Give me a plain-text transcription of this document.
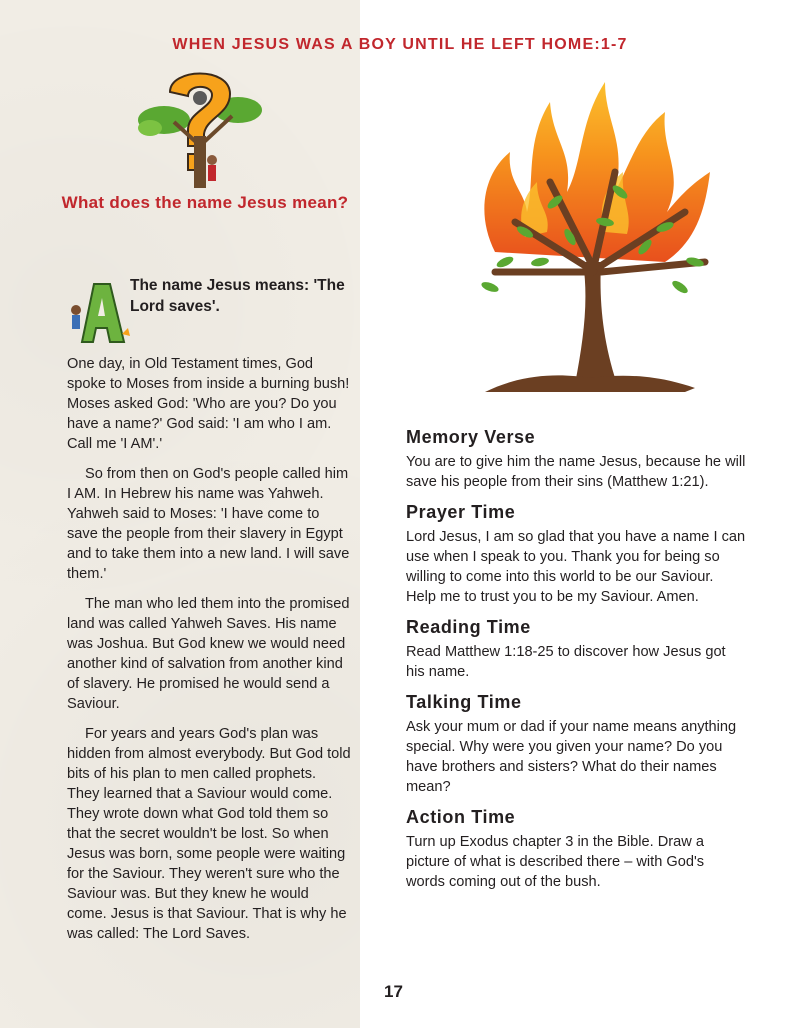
WHEN JESUS WAS A BOY UNTIL HE LEFT HOME:1-7
What does the name Jesus mean?
The name Jesus means: 'The Lord saves'.

One day, in Old Testament times, God spoke to Moses from inside a burning bush! Moses asked God: 'Who are you? Do you have a name?' God said: 'I am who I am. Call me 'I AM'.'

So from then on God's people called him I AM. In Hebrew his name was Yahweh. Yahweh said to Moses: 'I have come to save the people from their slavery in Egypt and to take them into a new land. I will save them.'

The man who led them into the promised land was called Yahweh Saves. His name was Joshua. But God knew we would need another kind of salvation from another kind of slavery. He promised he would send a Saviour.

For years and years God's plan was hidden from almost everybody. But God told bits of his plan to men called prophets. They learned that a Saviour would come. They wrote down what God told them so that the secret wouldn't be lost. So when Jesus was born, some people were waiting for the Saviour. They weren't sure who the Saviour was. But they knew he would come. Jesus is that Saviour. That is why he was called: The Lord Saves.

Memory Verse
You are to give him the name Jesus, because he will save his people from their sins (Matthew 1:21).
Prayer Time
Lord Jesus, I am so glad that you have a name I can use when I speak to you. Thank you for being so willing to come into this world to be our Saviour. Help me to trust you to be my Saviour. Amen.
Reading Time
Read Matthew 1:18-25 to discover how Jesus got his name.
Talking Time
Ask your mum or dad if your name means anything special. Why were you given your name? Do you have brothers and sisters? What do their names mean?
Action Time
Turn up Exodus chapter 3 in the Bible. Draw a picture of what is described there – with God's words coming out of the bush.
17
